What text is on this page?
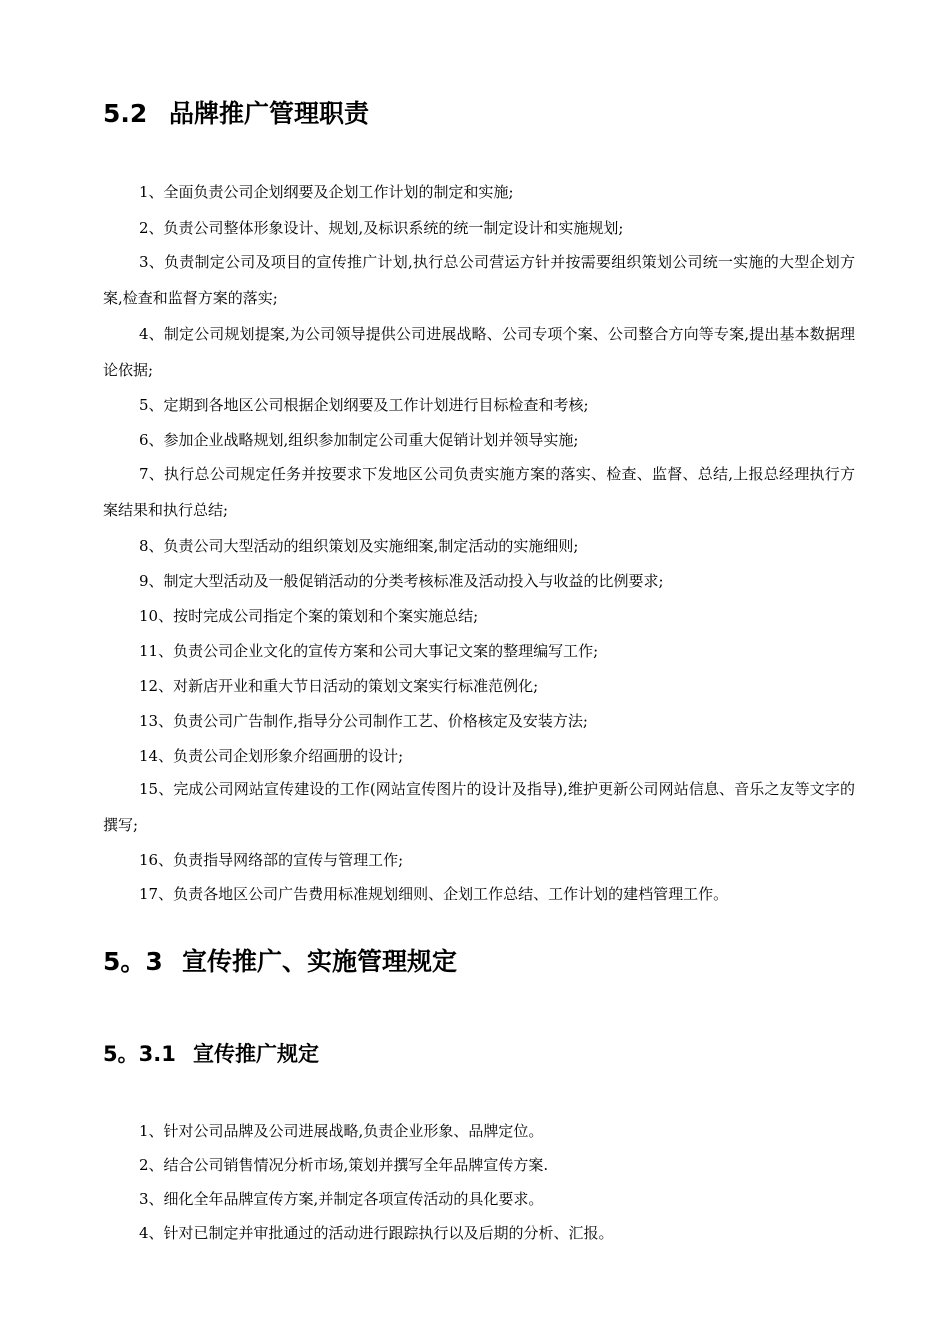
5.2 品牌推广管理职责

1、全面负责公司企划纲要及企划工作计划的制定和实施;

2、负责公司整体形象设计、规划,及标识系统的统一制定设计和实施规划;

3、负责制定公司及项目的宣传推广计划,执行总公司营运方针并按需要组织策划公司统一实施的大型企划方案,检查和监督方案的落实;

4、制定公司规划提案,为公司领导提供公司进展战略、公司专项个案、公司整合方向等专案,提出基本数据理论依据;

5、定期到各地区公司根据企划纲要及工作计划进行目标检查和考核;

6、参加企业战略规划,组织参加制定公司重大促销计划并领导实施;

7、执行总公司规定任务并按要求下发地区公司负责实施方案的落实、检查、监督、总结,上报总经理执行方案结果和执行总结;

8、负责公司大型活动的组织策划及实施细案,制定活动的实施细则;

9、制定大型活动及一般促销活动的分类考核标准及活动投入与收益的比例要求;

10、按时完成公司指定个案的策划和个案实施总结;

11、负责公司企业文化的宣传方案和公司大事记文案的整理编写工作;

12、对新店开业和重大节日活动的策划文案实行标准范例化;

13、负责公司广告制作,指导分公司制作工艺、价格核定及安装方法;

14、负责公司企划形象介绍画册的设计;

15、完成公司网站宣传建设的工作(网站宣传图片的设计及指导),维护更新公司网站信息、音乐之友等文字的撰写;

16、负责指导网络部的宣传与管理工作;

17、负责各地区公司广告费用标准规划细则、企划工作总结、工作计划的建档管理工作。

5。3 宣传推广、实施管理规定
5。3.1 宣传推广规定

1、针对公司品牌及公司进展战略,负责企业形象、品牌定位。

2、结合公司销售情况分析市场,策划并撰写全年品牌宣传方案.

3、细化全年品牌宣传方案,并制定各项宣传活动的具化要求。

4、针对已制定并审批通过的活动进行跟踪执行以及后期的分析、汇报。
